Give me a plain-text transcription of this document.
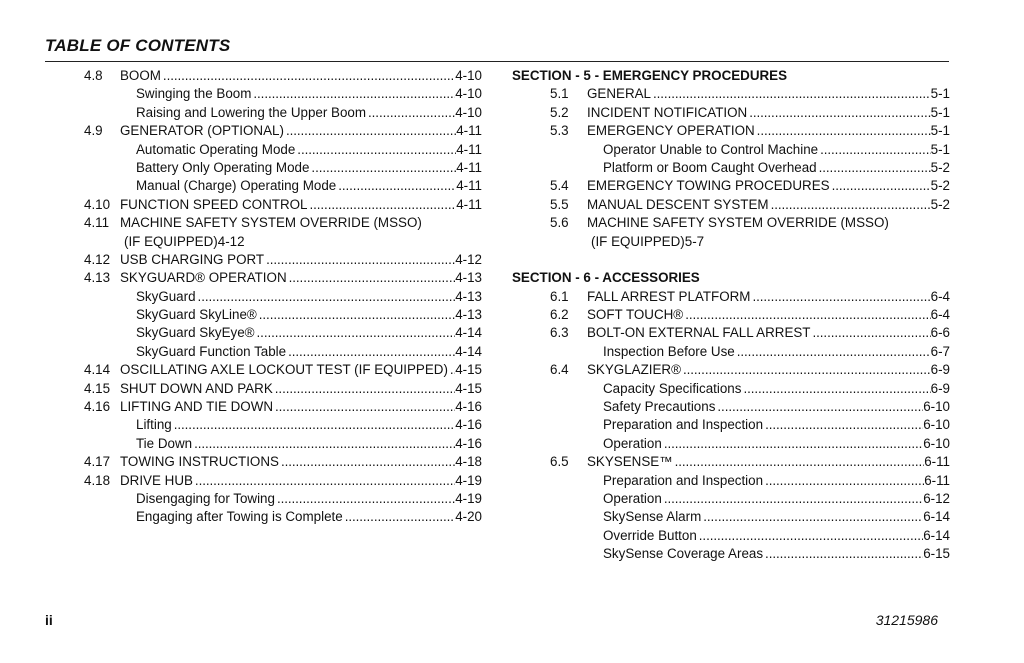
TABLE OF CONTENTS
4.8 BOOM . . .	4-10
Swinging the Boom . . .	4-10
Raising and Lowering the Upper Boom . . .	4-10
4.9 GENERATOR (OPTIONAL) . . .	4-11
Automatic Operating Mode . . .	4-11
Battery Only Operating Mode . . .	4-11
Manual (Charge) Operating Mode . . .	4-11
4.10 FUNCTION SPEED CONTROL . . .	4-11
4.11 MACHINE SAFETY SYSTEM OVERRIDE (MSSO)
(IF EQUIPPED)4-12
4.12 USB CHARGING PORT . . .	4-12
4.13 SKYGUARD® OPERATION . . .	4-13
SkyGuard . . .	4-13
SkyGuard SkyLine® . . .	4-13
SkyGuard SkyEye® . . .	4-14
SkyGuard Function Table . . .	4-14
4.14 OSCILLATING AXLE LOCKOUT TEST (IF EQUIPPED) . . . 4-15
4.15 SHUT DOWN AND PARK . . .	4-15
4.16 LIFTING AND TIE DOWN . . .	4-16
Lifting . . .	4-16
Tie Down . . .	4-16
4.17 TOWING INSTRUCTIONS . . .	4-18
4.18 DRIVE HUB . . .	4-19
Disengaging for Towing . . .	4-19
Engaging after Towing is Complete . . .	4-20
SECTION - 5 - EMERGENCY PROCEDURES
5.1 GENERAL . . .	5-1
5.2 INCIDENT NOTIFICATION . . .	5-1
5.3 EMERGENCY OPERATION . . .	5-1
Operator Unable to Control Machine . . .	5-1
Platform or Boom Caught Overhead . . .	5-2
5.4 EMERGENCY TOWING PROCEDURES . . .	5-2
5.5 MANUAL DESCENT SYSTEM . . .	5-2
5.6 MACHINE SAFETY SYSTEM OVERRIDE (MSSO)
(IF EQUIPPED)5-7
SECTION - 6 - ACCESSORIES
6.1 FALL ARREST PLATFORM . . .	6-4
6.2 SOFT TOUCH® . . .	6-4
6.3 BOLT-ON EXTERNAL FALL ARREST . . .	6-6
Inspection Before Use . . .	6-7
6.4 SKYGLAZIER® . . .	6-9
Capacity Specifications . . .	6-9
Safety Precautions . . .	6-10
Preparation and Inspection . . .	6-10
Operation . . .	6-10
6.5 SKYSENSE™ . . .	6-11
Preparation and Inspection . . .	6-11
Operation . . .	6-12
SkySense Alarm . . .	6-14
Override Button . . .	6-14
SkySense Coverage Areas . . .	6-15
ii	31215986
